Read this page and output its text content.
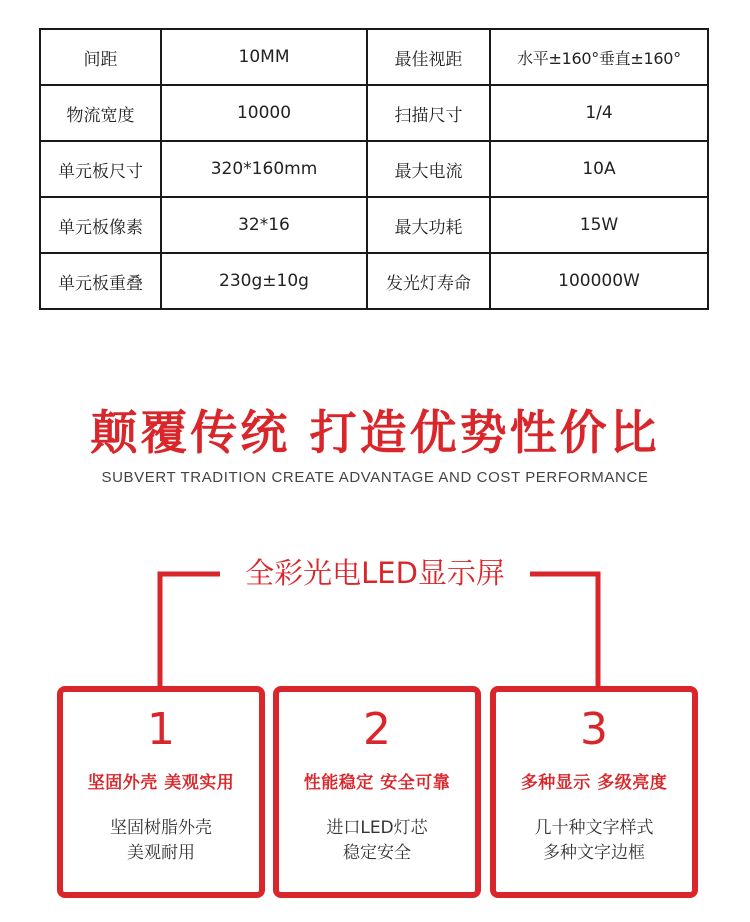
间距	10MM	最佳视距	水平±160°垂直±160°
物流宽度	10000	扫描尺寸	1/4
单元板尺寸	320*160mm	最大电流	10A
单元板像素	32*16	最大功耗	15W
单元板重叠	230g±10g	发光灯寿命	100000W
颠覆传统 打造优势性价比
SUBVERT TRADITION CREATE ADVANTAGE AND COST PERFORMANCE
全彩光电LED显示屏
1
坚固外壳 美观实用
坚固树脂外壳
美观耐用
2
性能稳定 安全可靠
进口LED灯芯
稳定安全
3
多种显示 多级亮度
几十种文字样式
多种文字边框
